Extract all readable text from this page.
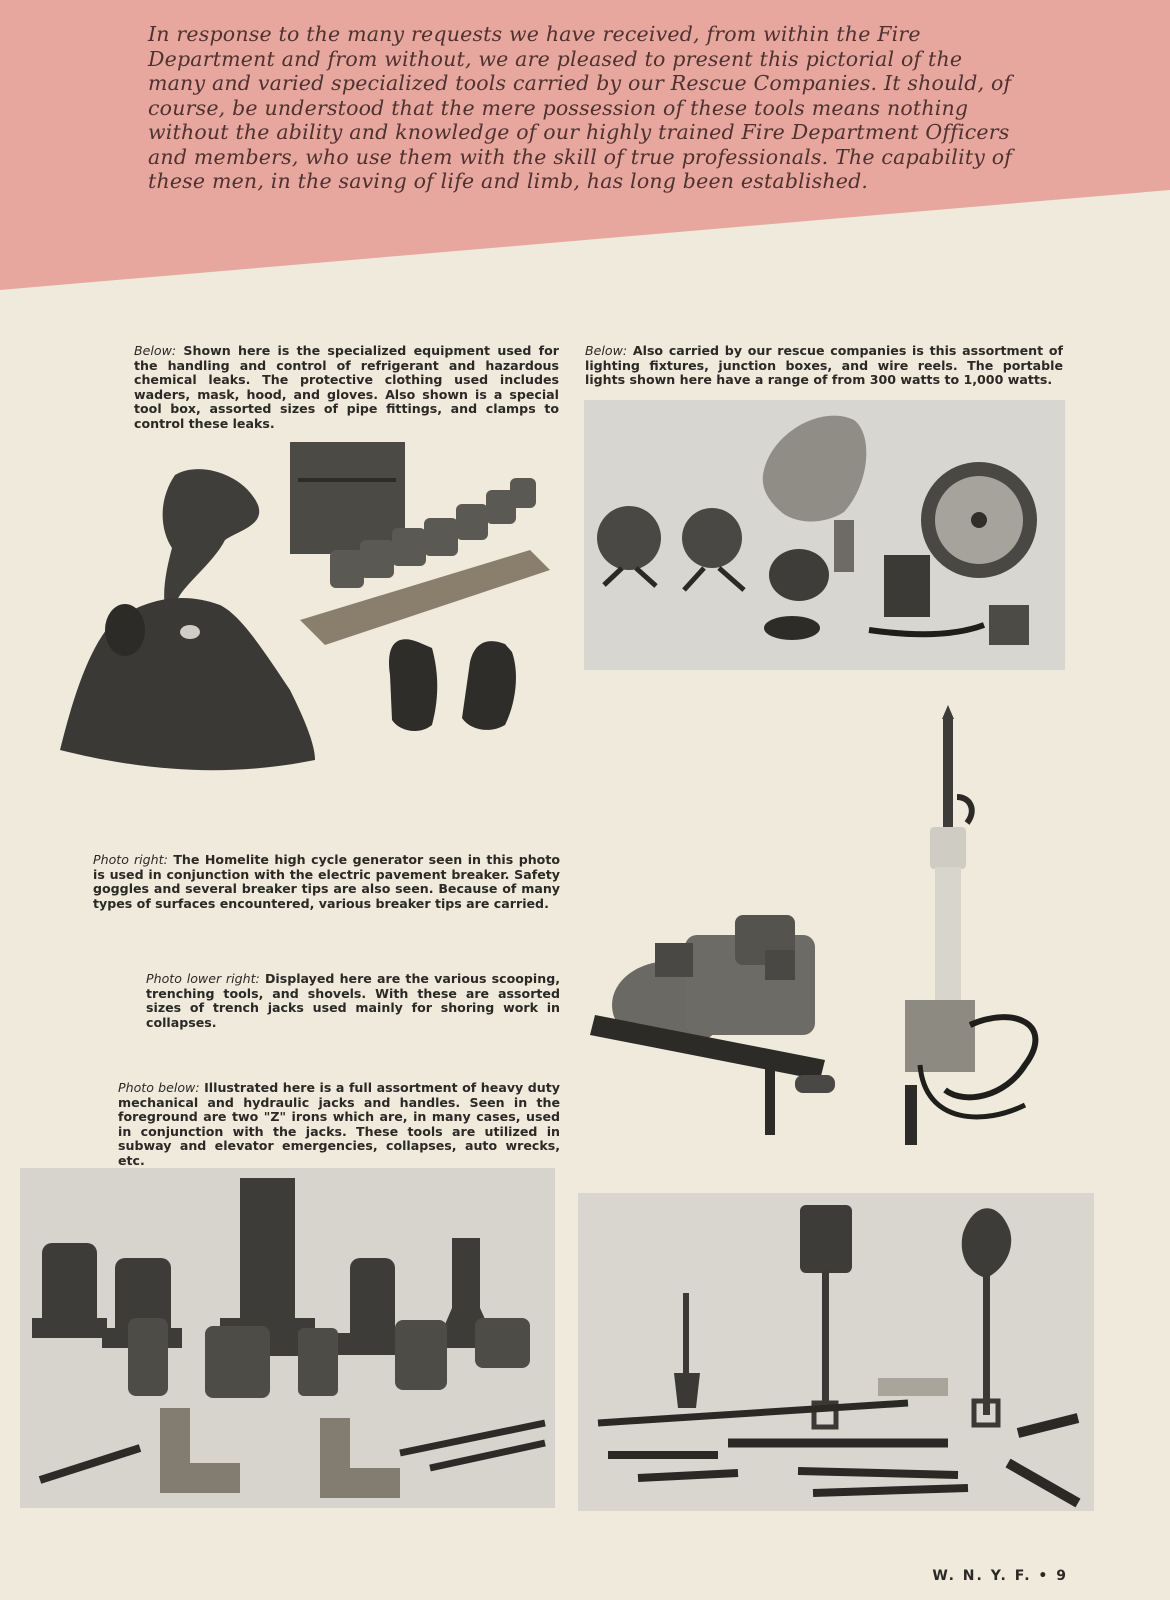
In response to the many requests we have received, from within the Fire Department and from without, we are pleased to present this pictorial of the many and varied specialized tools carried by our Rescue Companies. It should, of course, be understood that the mere possession of these tools means nothing without the ability and knowledge of our highly trained Fire Department Officers and members, who use them with the skill of true professionals. The capability of these men, in the saving of life and limb, has long been established.

Below: Shown here is the specialized equipment used for the handling and control of refrigerant and hazardous chemical leaks. The protective clothing used includes waders, mask, hood, and gloves. Also shown is a special tool box, assorted sizes of pipe fittings, and clamps to control these leaks.

Below: Also carried by our rescue companies is this assortment of lighting fixtures, junction boxes, and wire reels. The portable lights shown here have a range of from 300 watts to 1,000 watts.

Photo right: The Homelite high cycle generator seen in this photo is used in conjunction with the electric pavement breaker. Safety goggles and several breaker tips are also seen. Because of many types of surfaces encountered, various breaker tips are carried.

Photo lower right: Displayed here are the various scooping, trenching tools, and shovels. With these are assorted sizes of trench jacks used mainly for shoring work in collapses.

Photo below: Illustrated here is a full assortment of heavy duty mechanical and hydraulic jacks and handles. Seen in the foreground are two "Z" irons which are, in many cases, used in conjunction with the jacks. These tools are utilized in subway and elevator emergencies, collapses, auto wrecks, etc.

W. N. Y. F. • 9
